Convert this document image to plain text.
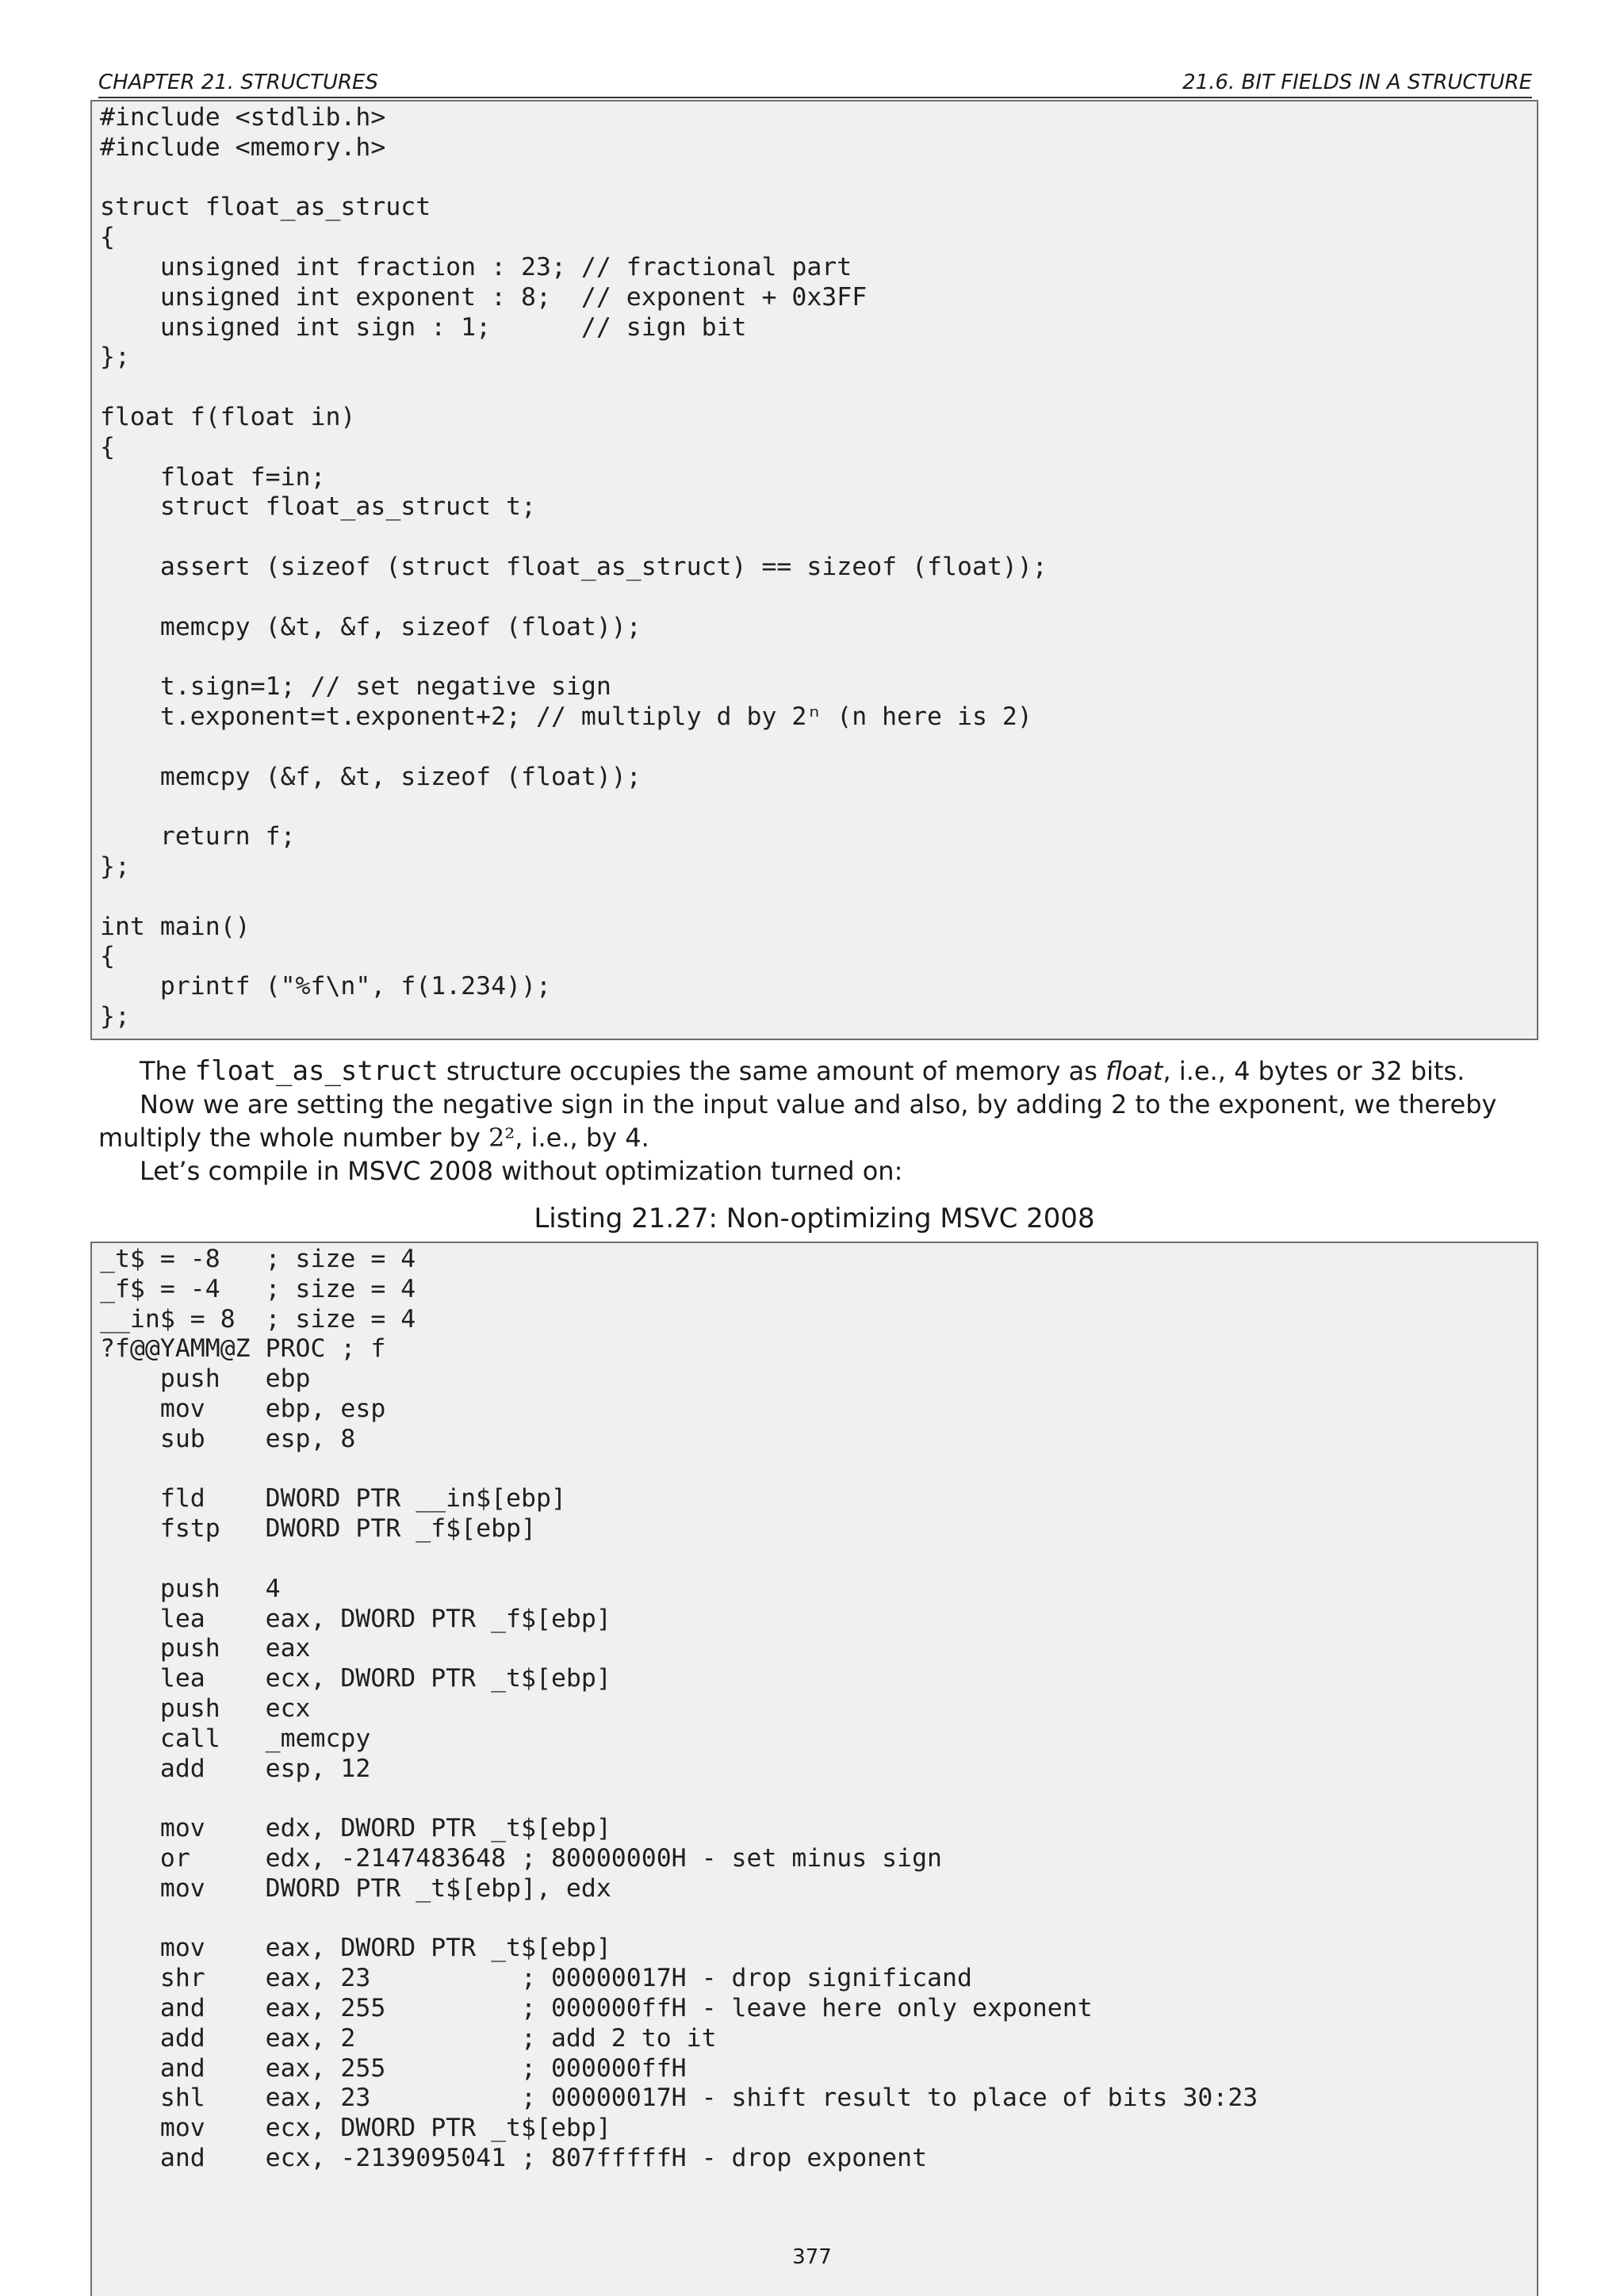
CHAPTER 21. STRUCTURES	21.6. BIT FIELDS IN A STRUCTURE
#include <stdlib.h>
#include <memory.h>

struct float_as_struct
{
unsigned int fraction : 23; // fractional part
unsigned int exponent : 8;  // exponent + 0x3FF
unsigned int sign : 1;      // sign bit
};

float f(float in)
{
float f=in;
struct float_as_struct t;

assert (sizeof (struct float_as_struct) == sizeof (float));

memcpy (&t, &f, sizeof (float));

t.sign=1; // set negative sign
t.exponent=t.exponent+2; // multiply d by 2ⁿ (n here is 2)

memcpy (&f, &t, sizeof (float));

return f;
};

int main()
{
printf ("%f\n", f(1.234));
};
The float_as_struct structure occupies the same amount of memory as float, i.e., 4 bytes or 32 bits.
Now we are setting the negative sign in the input value and also, by adding 2 to the exponent, we thereby multiply the whole number by 2², i.e., by 4.
Let’s compile in MSVC 2008 without optimization turned on:
Listing 21.27: Non-optimizing MSVC 2008
_t$ = -8   ; size = 4
_f$ = -4   ; size = 4
__in$ = 8  ; size = 4
?f@@YAMM@Z PROC ; f
push   ebp
mov    ebp, esp
sub    esp, 8

fld    DWORD PTR __in$[ebp]
fstp   DWORD PTR _f$[ebp]

push   4
lea    eax, DWORD PTR _f$[ebp]
push   eax
lea    ecx, DWORD PTR _t$[ebp]
push   ecx
call   _memcpy
add    esp, 12

mov    edx, DWORD PTR _t$[ebp]
or     edx, -2147483648 ; 80000000H - set minus sign
mov    DWORD PTR _t$[ebp], edx

mov    eax, DWORD PTR _t$[ebp]
shr    eax, 23          ; 00000017H - drop significand
and    eax, 255         ; 000000ffH - leave here only exponent
add    eax, 2           ; add 2 to it
and    eax, 255         ; 000000ffH
shl    eax, 23          ; 00000017H - shift result to place of bits 30:23
mov    ecx, DWORD PTR _t$[ebp]
and    ecx, -2139095041 ; 807fffffH - drop exponent
377
